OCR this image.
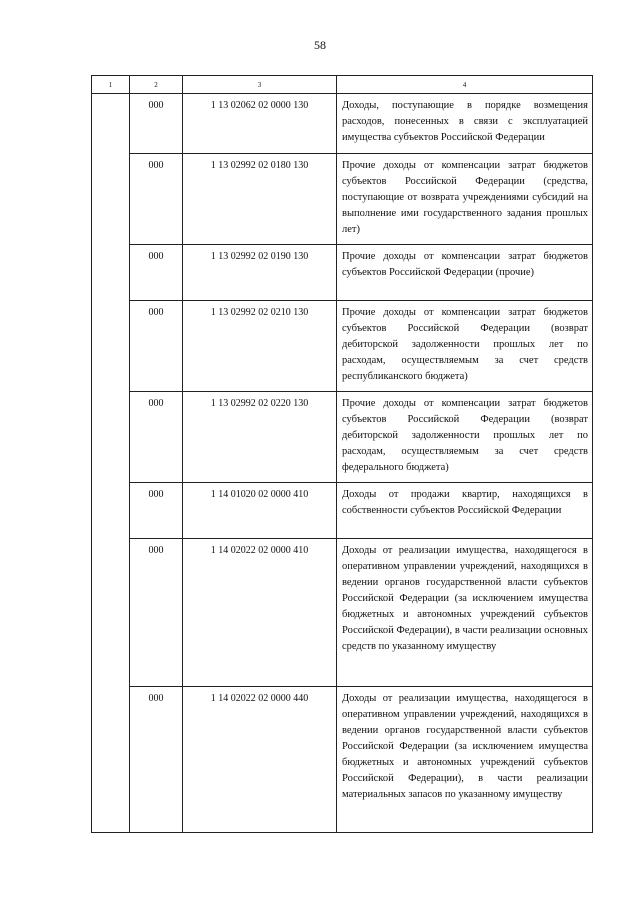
58
1	2	3	4

	000	1 13 02062 02 0000 130	Доходы, поступающие в порядке возмещения расходов, понесенных в связи с эксплуатацией имущества субъектов Российской Федерации

	000	1 13 02992 02 0180 130	Прочие доходы от компенсации затрат бюджетов субъектов Российской Федерации (средства, поступающие от возврата учреждениями субсидий на выполнение ими государственного задания прошлых лет)

	000	1 13 02992 02 0190 130	Прочие доходы от компенсации затрат бюджетов субъектов Российской Федерации (прочие)

	000	1 13 02992 02 0210 130	Прочие доходы от компенсации затрат бюджетов субъектов Российской Федерации (возврат дебиторской задолженности прошлых лет по расходам, осуществляемым за счет средств республиканского бюджета)

	000	1 13 02992 02 0220 130	Прочие доходы от компенсации затрат бюджетов субъектов Российской Федерации (возврат дебиторской задолженности прошлых лет по расходам, осуществляемым за счет средств федерального бюджета)

	000	1 14 01020 02 0000 410	Доходы от продажи квартир, находящихся в собственности субъектов Российской Федерации

	000	1 14 02022 02 0000 410	Доходы от реализации имущества, находящегося в оперативном управлении учреждений, находящихся в ведении органов государственной власти субъектов Российской Федерации (за исключением имущества бюджетных и автономных учреждений субъектов Российской Федерации), в части реализации основных средств по указанному имуществу

	000	1 14 02022 02 0000 440	Доходы от реализации имущества, находящегося в оперативном управлении учреждений, находящихся в ведении органов государственной власти субъектов Российской Федерации (за исключением имущества бюджетных и автономных учреждений субъектов Российской Федерации), в части реализации материальных запасов по указанному имуществу
